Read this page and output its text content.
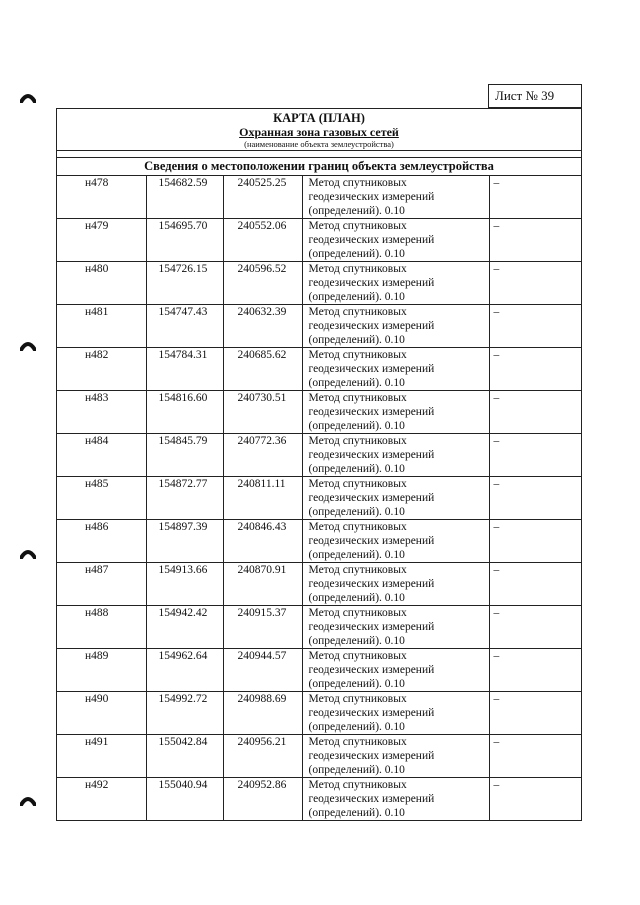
Лист № 39
КАРТА (ПЛАН)
Охранная зона газовых сетей
(наименование объекта землеустройства)
Сведения о местоположении границ объекта землеустройства
н478	154682.59	240525.25	Метод спутниковых
геодезических измерений
(определений). 0.10	–
н479	154695.70	240552.06	Метод спутниковых
геодезических измерений
(определений). 0.10	–
н480	154726.15	240596.52	Метод спутниковых
геодезических измерений
(определений). 0.10	–
н481	154747.43	240632.39	Метод спутниковых
геодезических измерений
(определений). 0.10	–
н482	154784.31	240685.62	Метод спутниковых
геодезических измерений
(определений). 0.10	–
н483	154816.60	240730.51	Метод спутниковых
геодезических измерений
(определений). 0.10	–
н484	154845.79	240772.36	Метод спутниковых
геодезических измерений
(определений). 0.10	–
н485	154872.77	240811.11	Метод спутниковых
геодезических измерений
(определений). 0.10	–
н486	154897.39	240846.43	Метод спутниковых
геодезических измерений
(определений). 0.10	–
н487	154913.66	240870.91	Метод спутниковых
геодезических измерений
(определений). 0.10	–
н488	154942.42	240915.37	Метод спутниковых
геодезических измерений
(определений). 0.10	–
н489	154962.64	240944.57	Метод спутниковых
геодезических измерений
(определений). 0.10	–
н490	154992.72	240988.69	Метод спутниковых
геодезических измерений
(определений). 0.10	–
н491	155042.84	240956.21	Метод спутниковых
геодезических измерений
(определений). 0.10	–
н492	155040.94	240952.86	Метод спутниковых
геодезических измерений
(определений). 0.10	–
